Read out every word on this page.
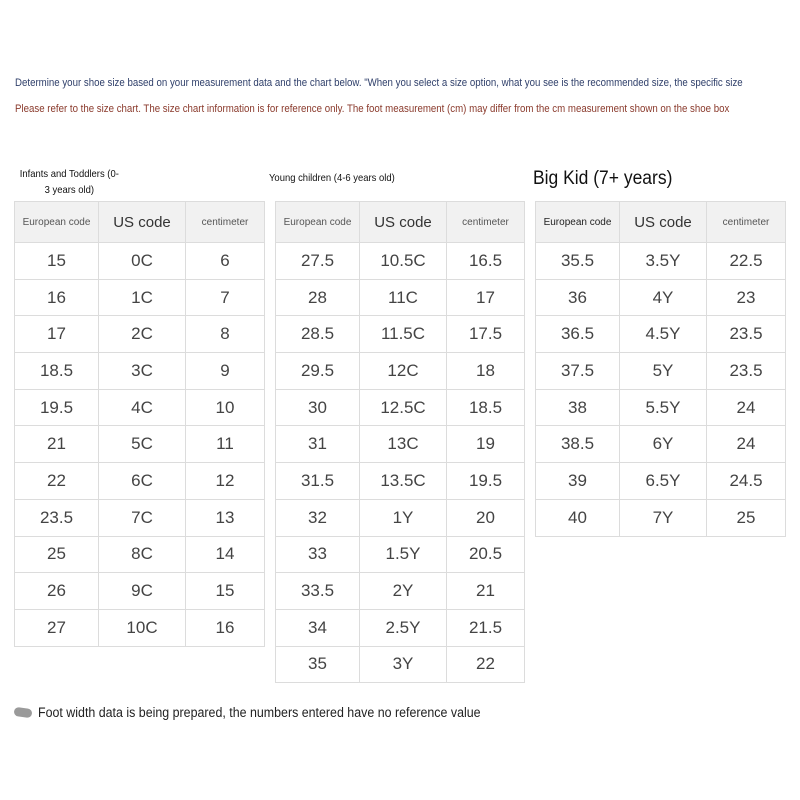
Determine your shoe size based on your measurement data and the chart below. "When you select a size option, what you see is the recommended size, the specific size
Please refer to the size chart. The size chart information is for reference only. The foot measurement (cm) may differ from the cm measurement shown on the shoe box
Infants and Toddlers (0-3 years old)
Young children (4-6 years old)	Big Kid (7+ years)
European code	US code	centimeter
15	0C	6
16	1C	7
17	2C	8
18.5	3C	9
19.5	4C	10
21	5C	11
22	6C	12
23.5	7C	13
25	8C	14
26	9C	15
27	10C	16
European code	US code	centimeter
27.5	10.5C	16.5
28	11C	17
28.5	11.5C	17.5
29.5	12C	18
30	12.5C	18.5
31	13C	19
31.5	13.5C	19.5
32	1Y	20
33	1.5Y	20.5
33.5	2Y	21
34	2.5Y	21.5
35	3Y	22
European code	US code	centimeter
35.5	3.5Y	22.5
36	4Y	23
36.5	4.5Y	23.5
37.5	5Y	23.5
38	5.5Y	24
38.5	6Y	24
39	6.5Y	24.5
40	7Y	25
Foot width data is being prepared, the numbers entered have no reference value
